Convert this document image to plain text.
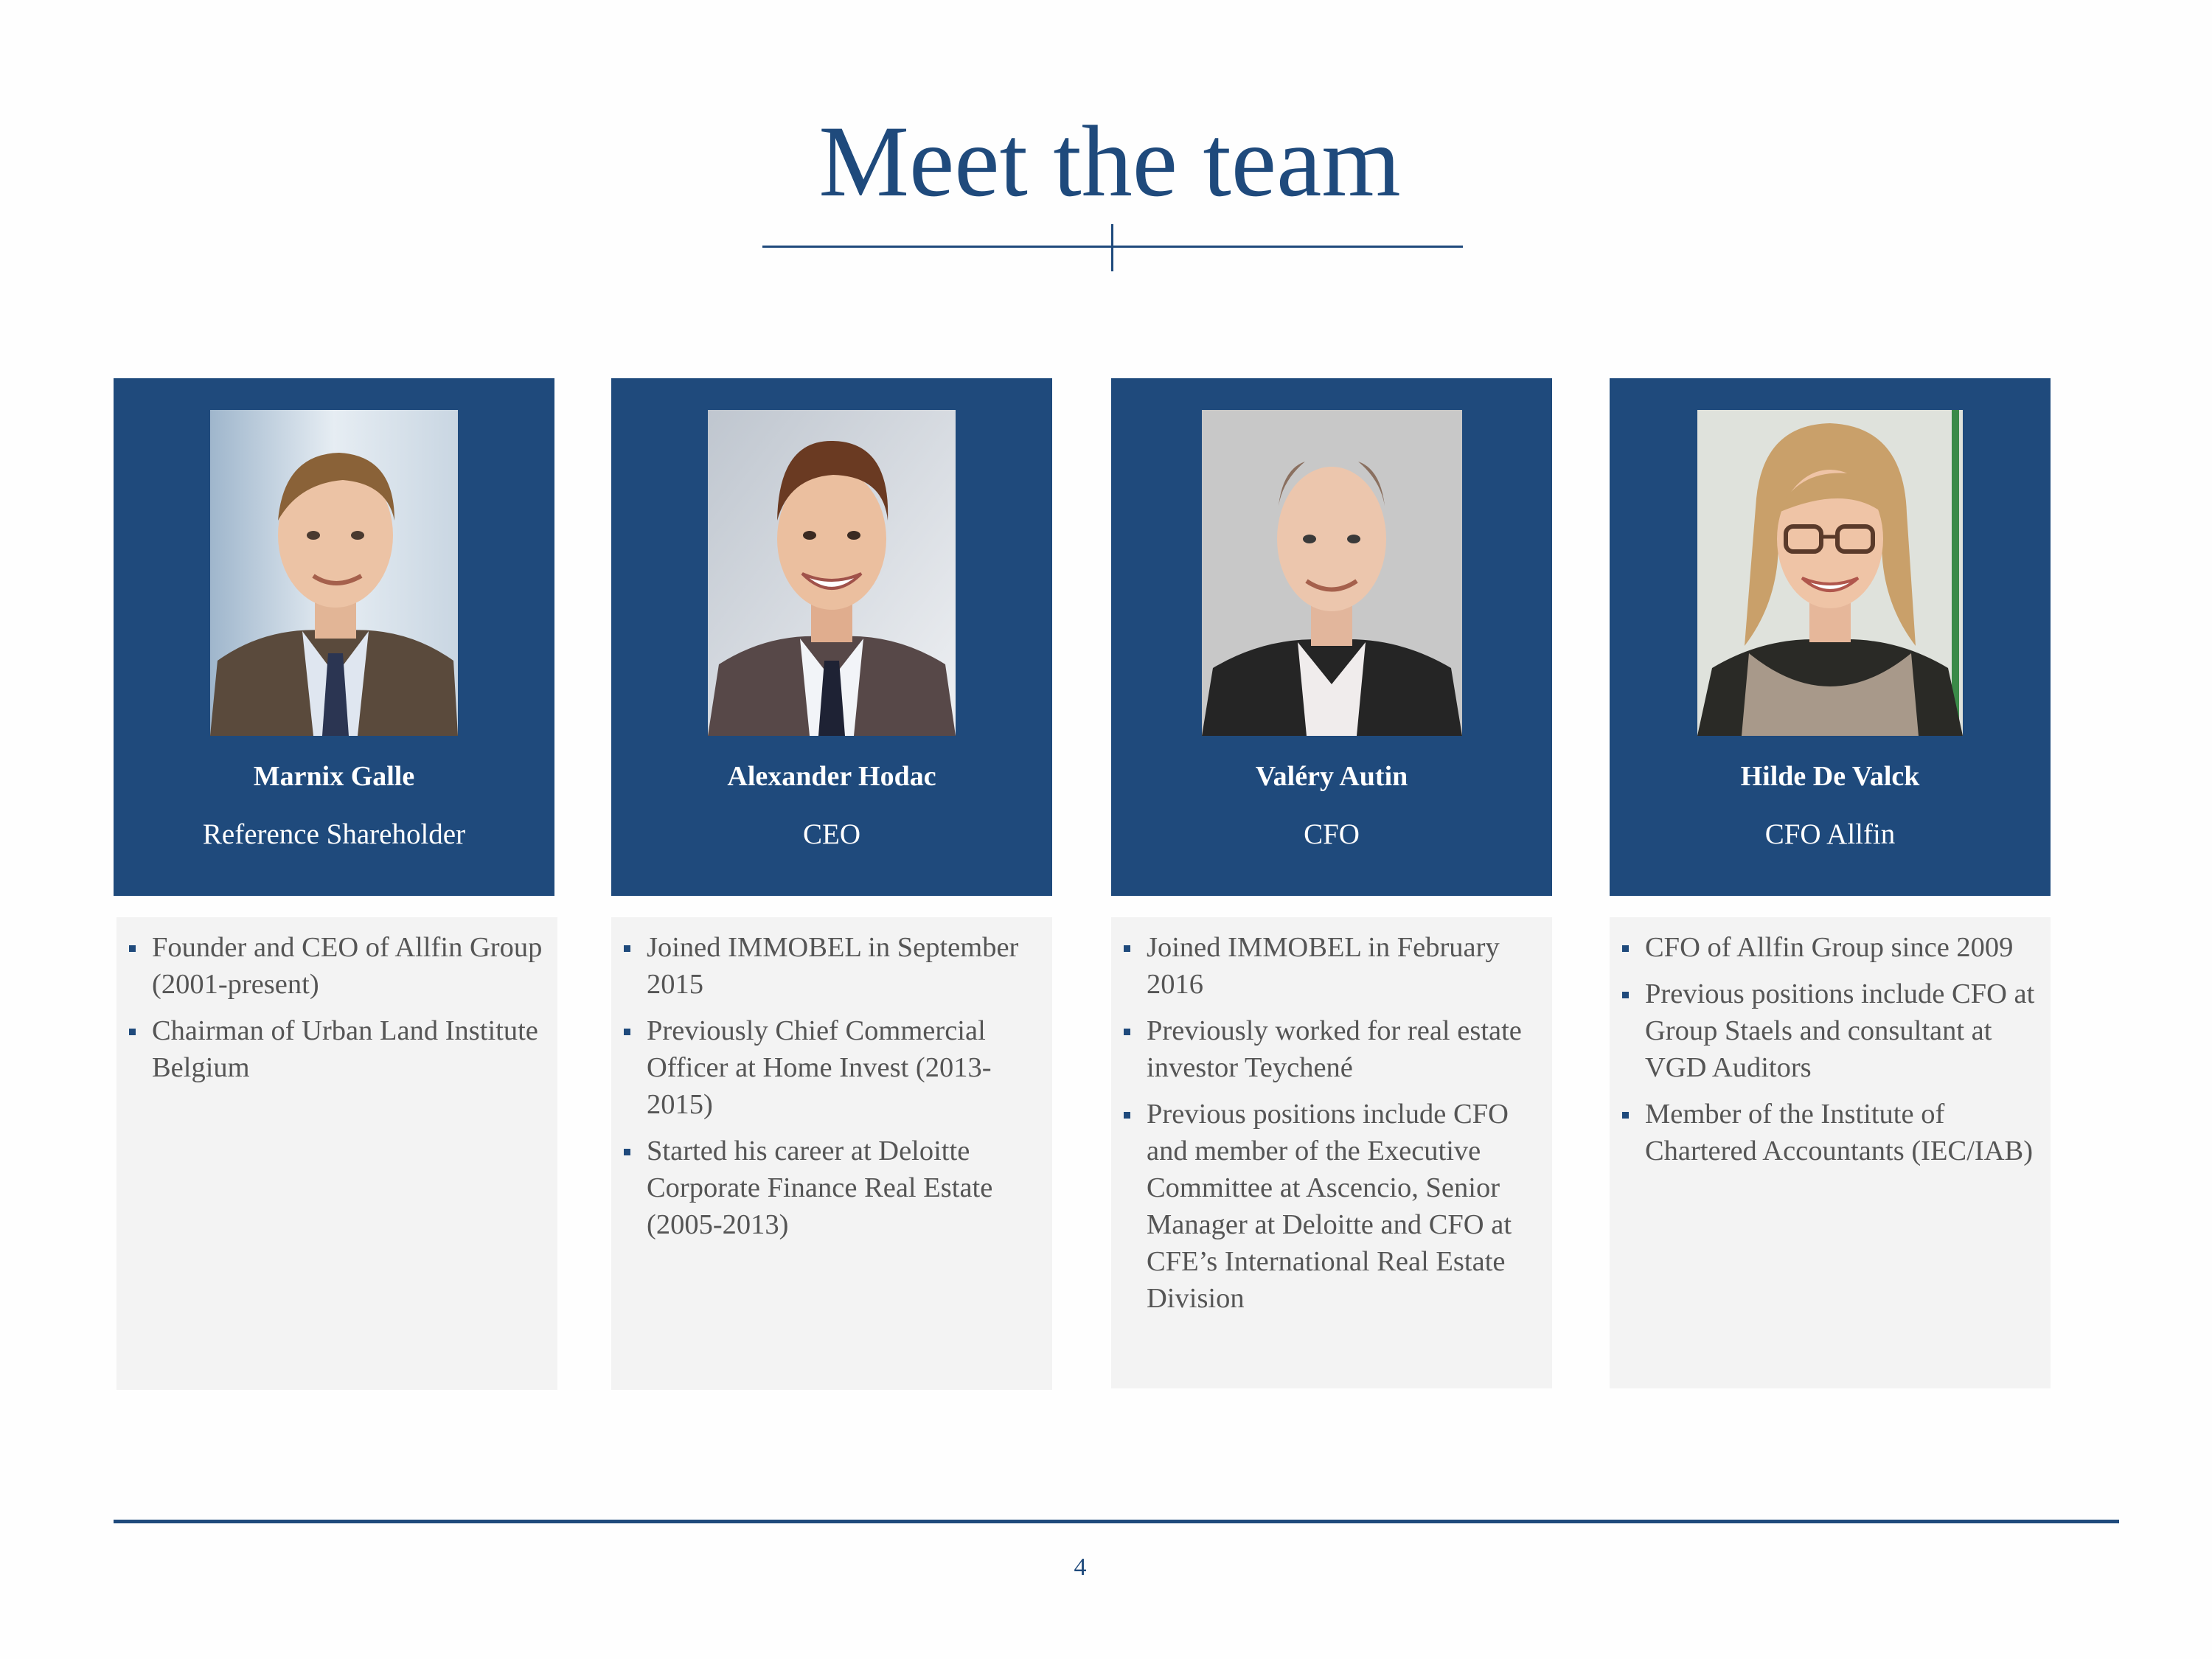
Meet the team
Marnix Galle
Reference Shareholder
Founder and CEO of Allfin Group (2001-present)
Chairman of Urban Land Institute Belgium
Alexander Hodac
CEO
Joined IMMOBEL in September 2015
Previously Chief Commercial Officer at Home Invest (2013-2015)
Started his career at Deloitte Corporate Finance Real Estate (2005-2013)
Valéry Autin
CFO
Joined IMMOBEL in February 2016
Previously worked for real estate investor Teychené
Previous positions include CFO and member of the Executive Committee at Ascencio, Senior Manager at Deloitte and CFO at CFE’s International Real Estate Division
Hilde De Valck
CFO Allfin
CFO of Allfin Group since 2009
Previous positions include CFO at Group Staels and consultant at VGD Auditors
Member of the Institute of Chartered Accountants (IEC/IAB)
4
